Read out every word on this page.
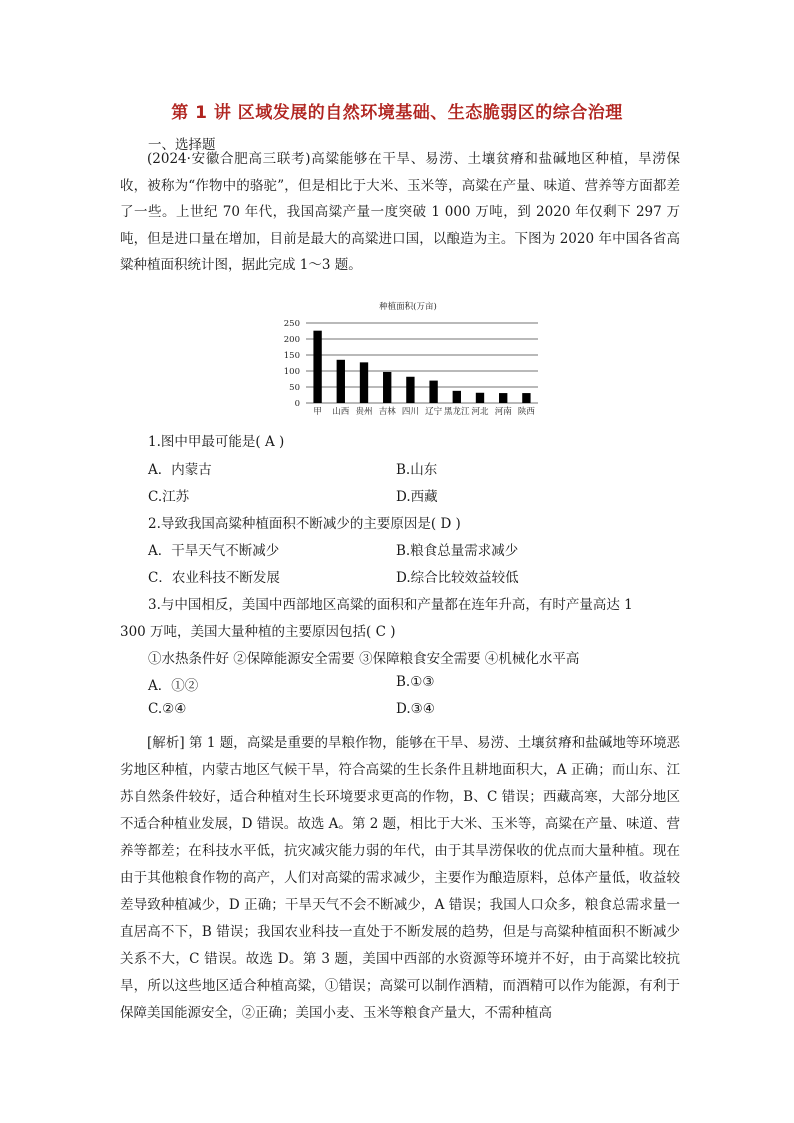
第 1 讲 区域发展的自然环境基础、生态脆弱区的综合治理
一、选择题

(2024·安徽合肥高三联考)高粱能够在干旱、易涝、土壤贫瘠和盐碱地区种植，旱涝保收，被称为“作物中的骆驼”，但是相比于大米、玉米等，高粱在产量、味道、营养等方面都差了一些。上世纪 70 年代，我国高粱产量一度突破 1 000 万吨，到 2020 年仅剩下 297 万吨，但是进口量在增加，目前是最大的高粱进口国，以酿造为主。下图为 2020 年中国各省高粱种植面积统计图，据此完成 1～3 题。

种植面积(万亩)
250
200
150
100
50
0
甲 山西 贵州 吉林 四川 辽宁 黑龙江 河北 河南 陕西
1.图中甲最可能是( A )
A．内蒙古	B.山东
C.江苏	D.西藏
2.导致我国高粱种植面积不断减少的主要原因是( D )
A．干旱天气不断减少	B.粮食总量需求减少
C．农业科技不断发展	D.综合比较效益较低
3.与中国相反，美国中西部地区高粱的面积和产量都在连年升高，有时产量高达 1
300 万吨，美国大量种植的主要原因包括( C )
①水热条件好 ②保障能源安全需要 ③保障粮食安全需要 ④机械化水平高
A．①②	B.①③
C.②④	D.③④

[解析] 第 1 题，高粱是重要的旱粮作物，能够在干旱、易涝、土壤贫瘠和盐碱地等环境恶劣地区种植，内蒙古地区气候干旱，符合高粱的生长条件且耕地面积大，A 正确；而山东、江苏自然条件较好，适合种植对生长环境要求更高的作物，B、C 错误；西藏高寒，大部分地区不适合种植业发展，D 错误。故选 A。第 2 题，相比于大米、玉米等，高粱在产量、味道、营养等都差；在科技水平低，抗灾减灾能力弱的年代，由于其旱涝保收的优点而大量种植。现在由于其他粮食作物的高产，人们对高粱的需求减少，主要作为酿造原料，总体产量低，收益较差导致种植减少，D 正确；干旱天气不会不断减少，A 错误；我国人口众多，粮食总需求量一直居高不下，B 错误；我国农业科技一直处于不断发展的趋势，但是与高粱种植面积不断减少关系不大，C 错误。故选 D。第 3 题，美国中西部的水资源等环境并不好，由于高粱比较抗旱，所以这些地区适合种植高粱，①错误；高粱可以制作酒精，而酒精可以作为能源，有利于保障美国能源安全，②正确；美国小麦、玉米等粮食产量大，不需种植高
